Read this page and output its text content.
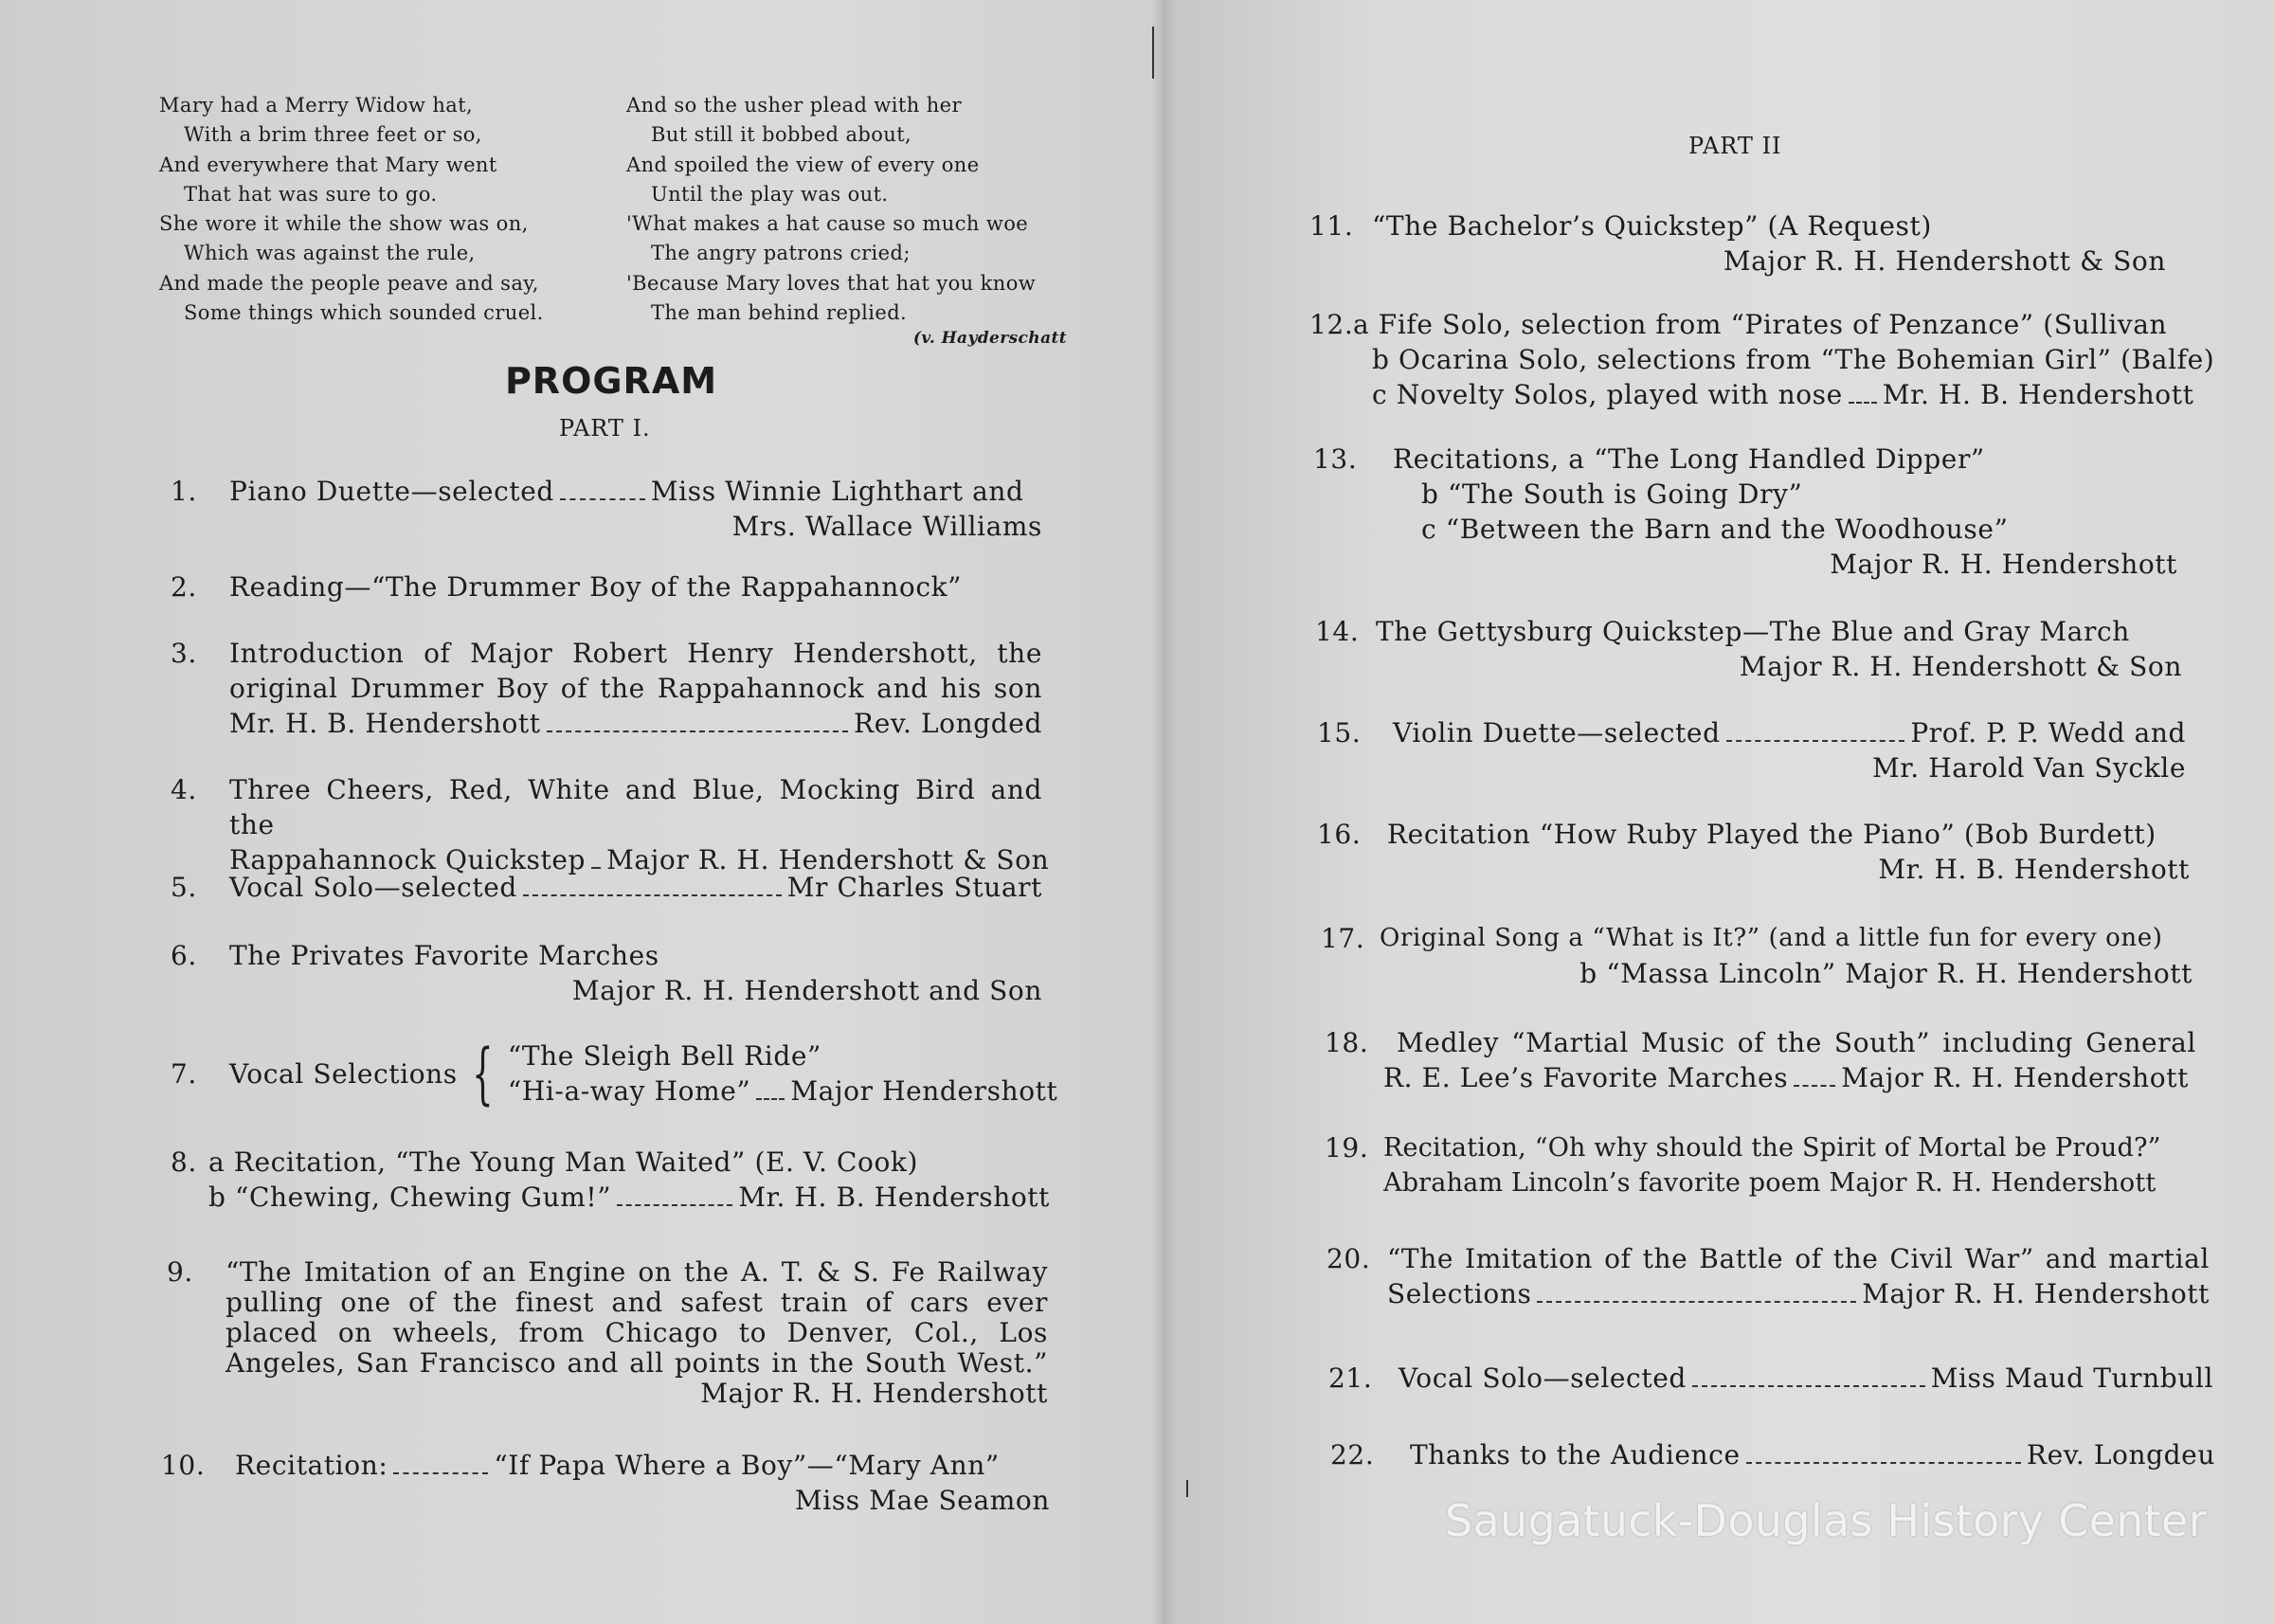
Mary had a Merry Widow hat,
With a brim three feet or so,
And everywhere that Mary went
That hat was sure to go.
She wore it while the show was on,
Which was against the rule,
And made the people peave and say,
Some things which sounded cruel.
And so the usher plead with her
But still it bobbed about,
And spoiled the view of every one
Until the play was out.
'What makes a hat cause so much woe
The angry patrons cried;
'Because Mary loves that hat you know
The man behind replied.
(v. Hayderschatt
PROGRAM
PART I.
1.	Piano Duette—selected	Miss Winnie Lighthart and
Mrs. Wallace Williams
2.	Reading—“The Drummer Boy of the Rappahannock”
3.	Introduction of Major Robert Henry Hendershott, the
original Drummer Boy of the Rappahannock and his son
Mr. H. B. Hendershott	Rev. Longded
4.	Three Cheers, Red, White and Blue, Mocking Bird and the
Rappahannock Quickstep Major R. H. Hendershott & Son
5.	Vocal Solo—selected	Mr Charles Stuart
6.	The Privates Favorite Marches
Major R. H. Hendershott and Son
7.	Vocal Selections { “The Sleigh Bell Ride”
“Hi-a-way Home” Major Hendershott
8. a Recitation, “The Young Man Waited” (E. V. Cook)
b “Chewing, Chewing Gum!”	Mr. H. B. Hendershott
9.	“The Imitation of an Engine on the A. T. & S. Fe Railway
pulling one of the finest and safest train of cars ever
placed on wheels, from Chicago to Denver, Col., Los
Angeles, San Francisco and all points in the South West.”
Major R. H. Hendershott
10.	Recitation:	“If Papa Where a Boy”—“Mary Ann”
Miss Mae Seamon
PART II
11. “The Bachelor’s Quickstep” (A Request)
Major R. H. Hendershott & Son
12. a Fife Solo, selection from “Pirates of Penzance” (Sullivan
b Ocarina Solo, selections from “The Bohemian Girl” (Balfe)
c Novelty Solos, played with nose Mr. H. B. Hendershott
13.	Recitations, a “The Long Handled Dipper”
b “The South is Going Dry”
c “Between the Barn and the Woodhouse”
Major R. H. Hendershott
14. The Gettysburg Quickstep—The Blue and Gray March
Major R. H. Hendershott & Son
15.	Violin Duette—selected	Prof. P. P. Wedd and
Mr. Harold Van Syckle
16. Recitation “How Ruby Played the Piano” (Bob Burdett)
Mr. H. B. Hendershott
17. Original Song a “What is It?” (and a little fun for every one)
b “Massa Lincoln” Major R. H. Hendershott
18.	Medley “Martial Music of the South” including General
R. E. Lee’s Favorite Marches Major R. H. Hendershott
19. Recitation, “Oh why should the Spirit of Mortal be Proud?”
Abraham Lincoln’s favorite poem Major R. H. Hendershott
20. “The Imitation of the Battle of the Civil War” and martial
Selections	Major R. H. Hendershott
21. Vocal Solo—selected	Miss Maud Turnbull
22.	Thanks to the Audience	Rev. Longdeu
Saugatuck-Douglas History Center
